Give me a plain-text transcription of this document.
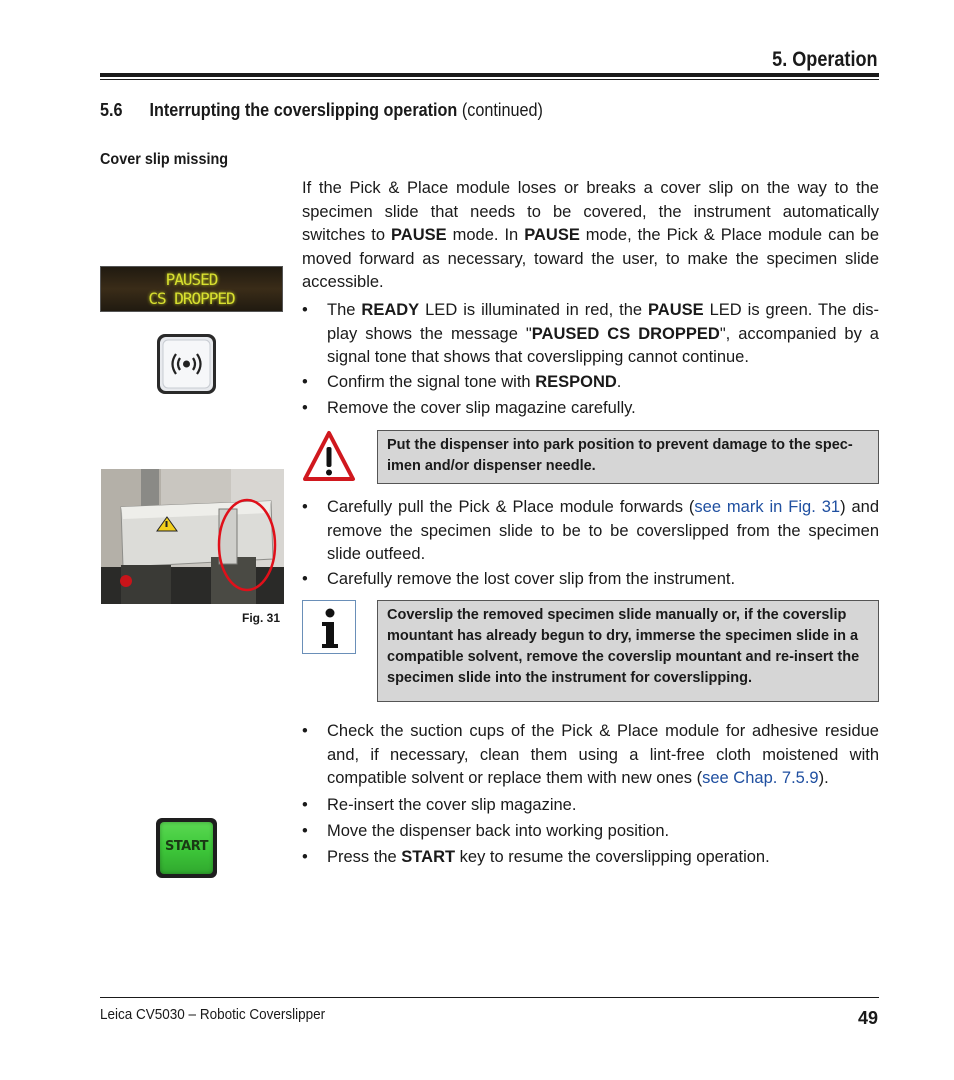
5. Operation
5.6 Interrupting the coverslipping operation (continued)
Cover slip missing
If the Pick & Place module loses or breaks a cover slip on the way to the specimen slide that needs to be covered, the instrument automatically switches to PAUSE mode. In PAUSE mode, the Pick & Place module can be moved forward as necessary, toward the user, to make the specimen slide accessible.
PAUSED
CS DROPPED
• The READY LED is illuminated in red, the PAUSE LED is green. The dis-play shows the message "PAUSED CS DROPPED", accompanied by a signal tone that shows that coverslipping cannot continue.
• Confirm the signal tone with RESPOND.
• Remove the cover slip magazine carefully.
Put the dispenser into park position to prevent damage to the spec-imen and/or dispenser needle.
Fig. 31
• Carefully pull the Pick & Place module forwards (see mark in Fig. 31) and remove the specimen slide to be to be coverslipped from the specimen slide outfeed.
• Carefully remove the lost cover slip from the instrument.
Coverslip the removed specimen slide manually or, if the coverslip mountant has already begun to dry, immerse the specimen slide in a compatible solvent, remove the coverslip mountant and re-insert the specimen slide into the instrument for coverslipping.
• Check the suction cups of the Pick & Place module for adhesive residue and, if necessary, clean them using a lint-free cloth moistened with compatible solvent or replace them with new ones (see Chap. 7.5.9).
• Re-insert the cover slip magazine.
• Move the dispenser back into working position.
• Press the START key to resume the coverslipping operation.
START
Leica CV5030 – Robotic Coverslipper	49
